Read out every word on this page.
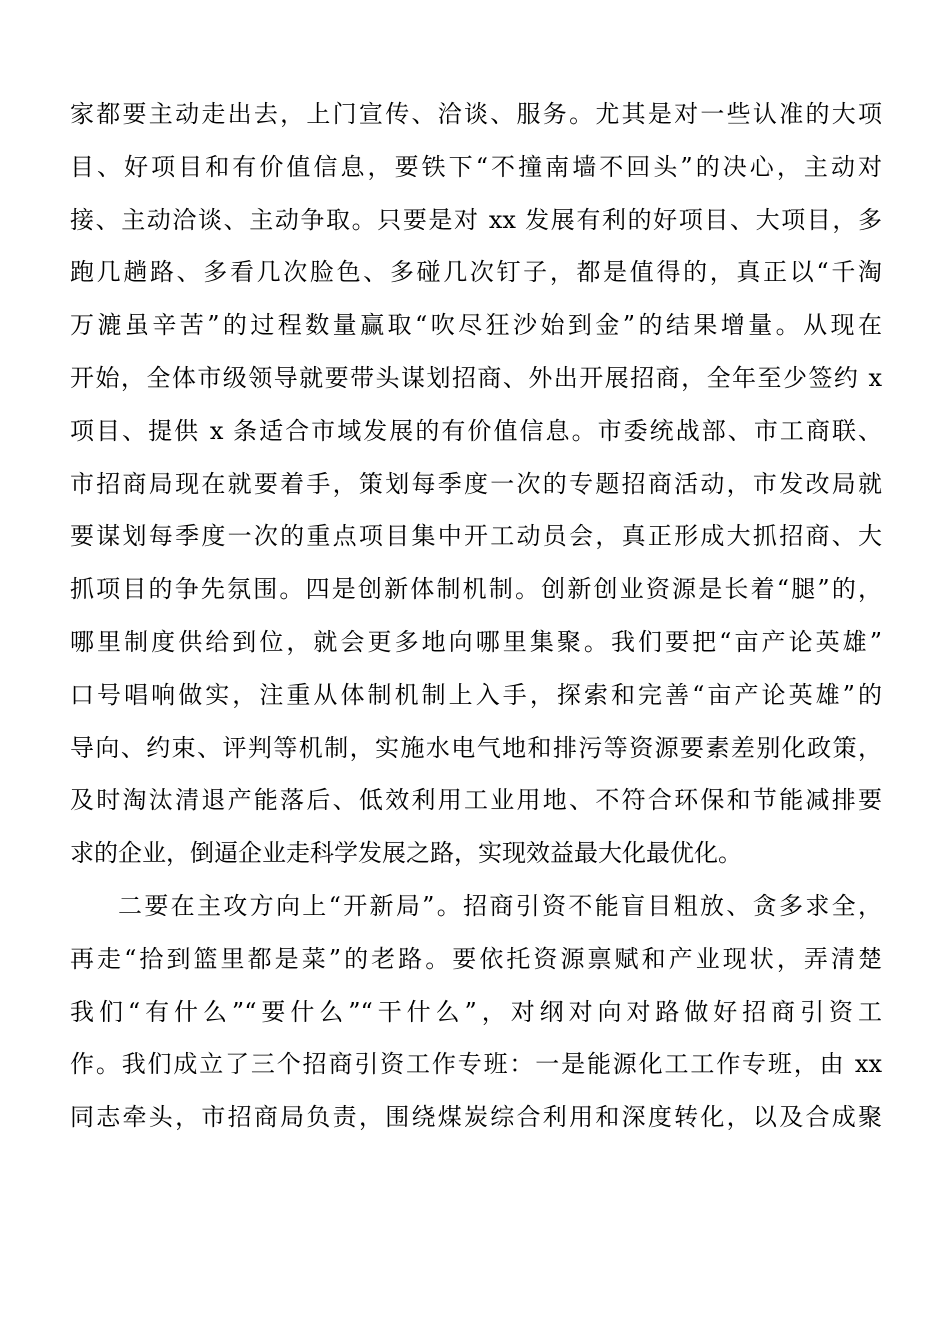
家都要主动走出去，上门宣传、洽谈、服务。尤其是对一些认准的大项
目、好项目和有价值信息，要铁下“不撞南墙不回头”的决心，主动对
接、主动洽谈、主动争取。只要是对 xx 发展有利的好项目、大项目，多
跑几趟路、多看几次脸色、多碰几次钉子，都是值得的，真正以“千淘
万漉虽辛苦”的过程数量赢取“吹尽狂沙始到金”的结果增量。从现在
开始，全体市级领导就要带头谋划招商、外出开展招商，全年至少签约 x
项目、提供 x 条适合市域发展的有价值信息。市委统战部、市工商联、
市招商局现在就要着手，策划每季度一次的专题招商活动，市发改局就
要谋划每季度一次的重点项目集中开工动员会，真正形成大抓招商、大
抓项目的争先氛围。四是创新体制机制。创新创业资源是长着“腿”的，
哪里制度供给到位，就会更多地向哪里集聚。我们要把“亩产论英雄”
口号唱响做实，注重从体制机制上入手，探索和完善“亩产论英雄”的
导向、约束、评判等机制，实施水电气地和排污等资源要素差别化政策，
及时淘汰清退产能落后、低效利用工业用地、不符合环保和节能减排要
求的企业，倒逼企业走科学发展之路，实现效益最大化最优化。
二要在主攻方向上“开新局”。招商引资不能盲目粗放、贪多求全，
再走“拾到篮里都是菜”的老路。要依托资源禀赋和产业现状，弄清楚
我们“有什么”“要什么”“干什么”，对纲对向对路做好招商引资工
作。我们成立了三个招商引资工作专班：一是能源化工工作专班，由 xx
同志牵头，市招商局负责，围绕煤炭综合利用和深度转化，以及合成聚
